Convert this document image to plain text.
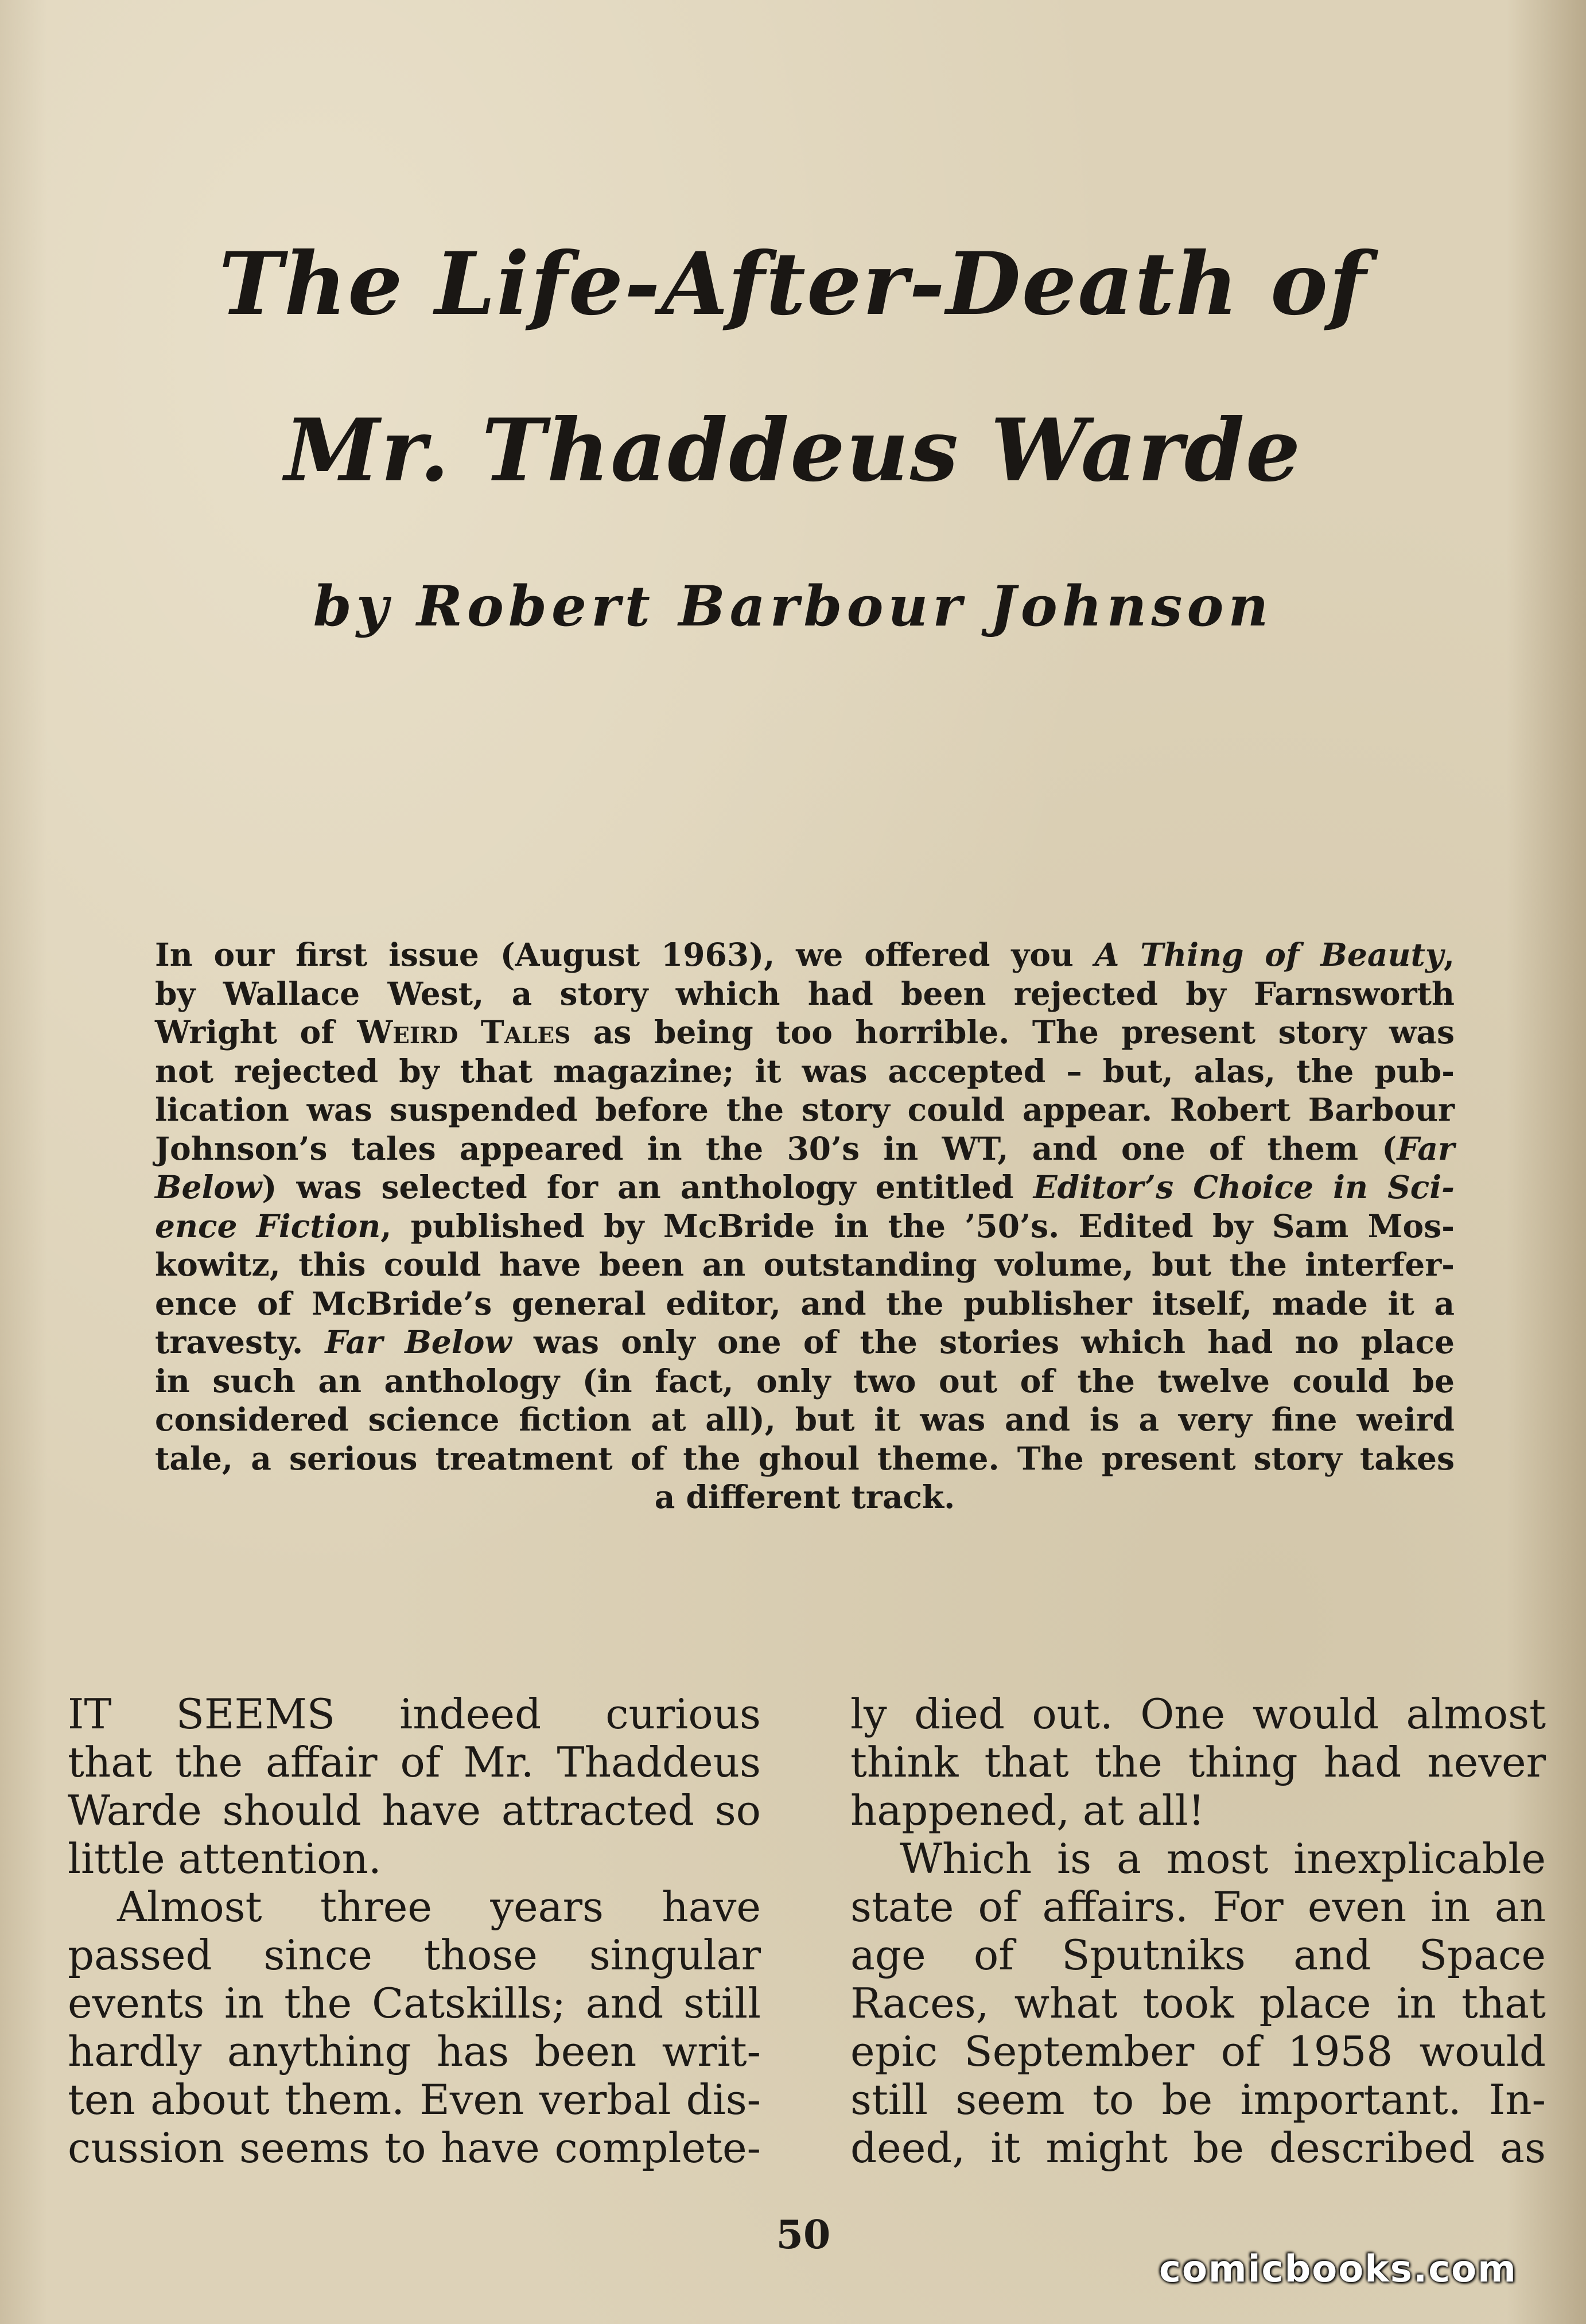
The Life-After-Death of
Mr. Thaddeus Warde

by Robert Barbour Johnson

In our first issue (August 1963), we offered you A Thing of Beauty,
by Wallace West, a story which had been rejected by Farnsworth
Wright of Weird Tales as being too horrible. The present story was
not rejected by that magazine; it was accepted – but, alas, the pub-
lication was suspended before the story could appear. Robert Barbour
Johnson’s tales appeared in the 30’s in WT, and one of them (Far
Below) was selected for an anthology entitled Editor’s Choice in Sci-
ence Fiction, published by McBride in the ’50’s. Edited by Sam Mos-
kowitz, this could have been an outstanding volume, but the interfer-
ence of McBride’s general editor, and the publisher itself, made it a
travesty. Far Below was only one of the stories which had no place
in such an anthology (in fact, only two out of the twelve could be
considered science fiction at all), but it was and is a very fine weird
tale, a serious treatment of the ghoul theme. The present story takes
a different track.
IT SEEMS indeed curious
that the affair of Mr. Thaddeus
Warde should have attracted so
little attention.
Almost three years have
passed since those singular
events in the Catskills; and still
hardly anything has been writ-
ten about them. Even verbal dis-
cussion seems to have complete-
ly died out. One would almost
think that the thing had never
happened, at all!
Which is a most inexplicable
state of affairs. For even in an
age of Sputniks and Space
Races, what took place in that
epic September of 1958 would
still seem to be important. In-
deed, it might be described as

50

comicbooks.com
